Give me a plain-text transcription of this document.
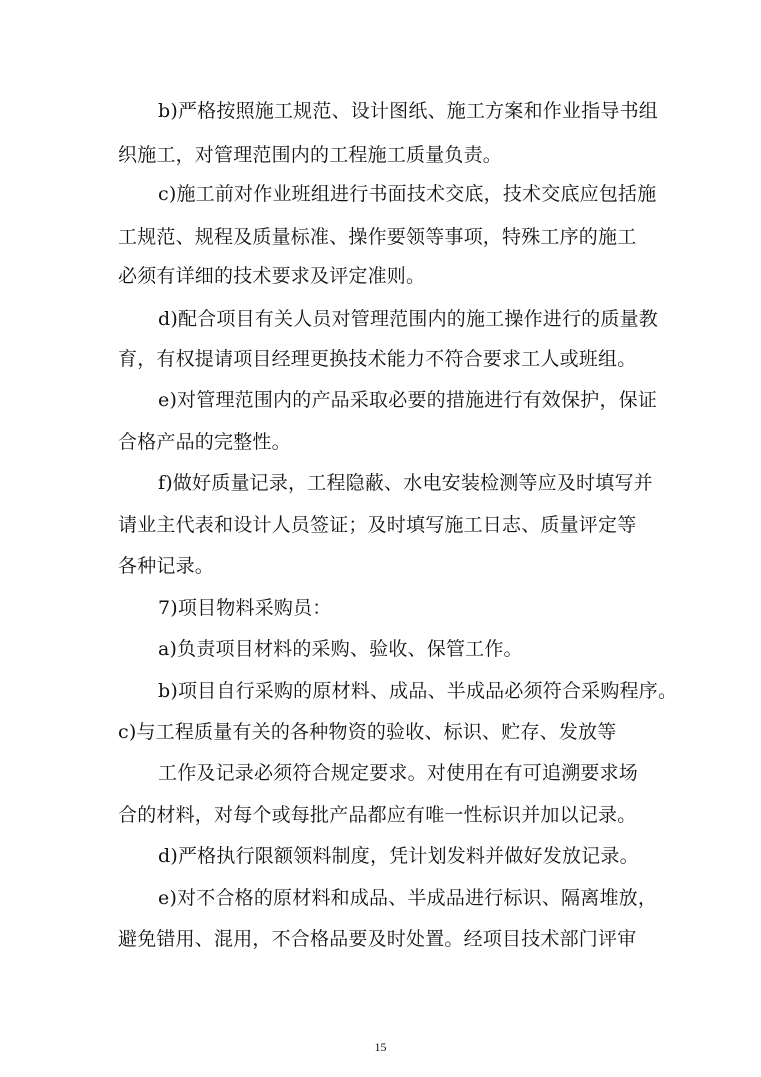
b)严格按照施工规范、设计图纸、施工方案和作业指导书组
织施工，对管理范围内的工程施工质量负责。
c)施工前对作业班组进行书面技术交底，技术交底应包括施
工规范、规程及质量标准、操作要领等事项，特殊工序的施工
必须有详细的技术要求及评定准则。
d)配合项目有关人员对管理范围内的施工操作进行的质量教
育，有权提请项目经理更换技术能力不符合要求工人或班组。
e)对管理范围内的产品采取必要的措施进行有效保护，保证
合格产品的完整性。
f)做好质量记录，工程隐蔽、水电安装检测等应及时填写并
请业主代表和设计人员签证；及时填写施工日志、质量评定等
各种记录。
7)项目物料采购员：
a)负责项目材料的采购、验收、保管工作。
b)项目自行采购的原材料、成品、半成品必须符合采购程序。
c)与工程质量有关的各种物资的验收、标识、贮存、发放等
工作及记录必须符合规定要求。对使用在有可追溯要求场
合的材料，对每个或每批产品都应有唯一性标识并加以记录。
d)严格执行限额领料制度，凭计划发料并做好发放记录。
e)对不合格的原材料和成品、半成品进行标识、隔离堆放，
避免错用、混用，不合格品要及时处置。经项目技术部门评审
15
